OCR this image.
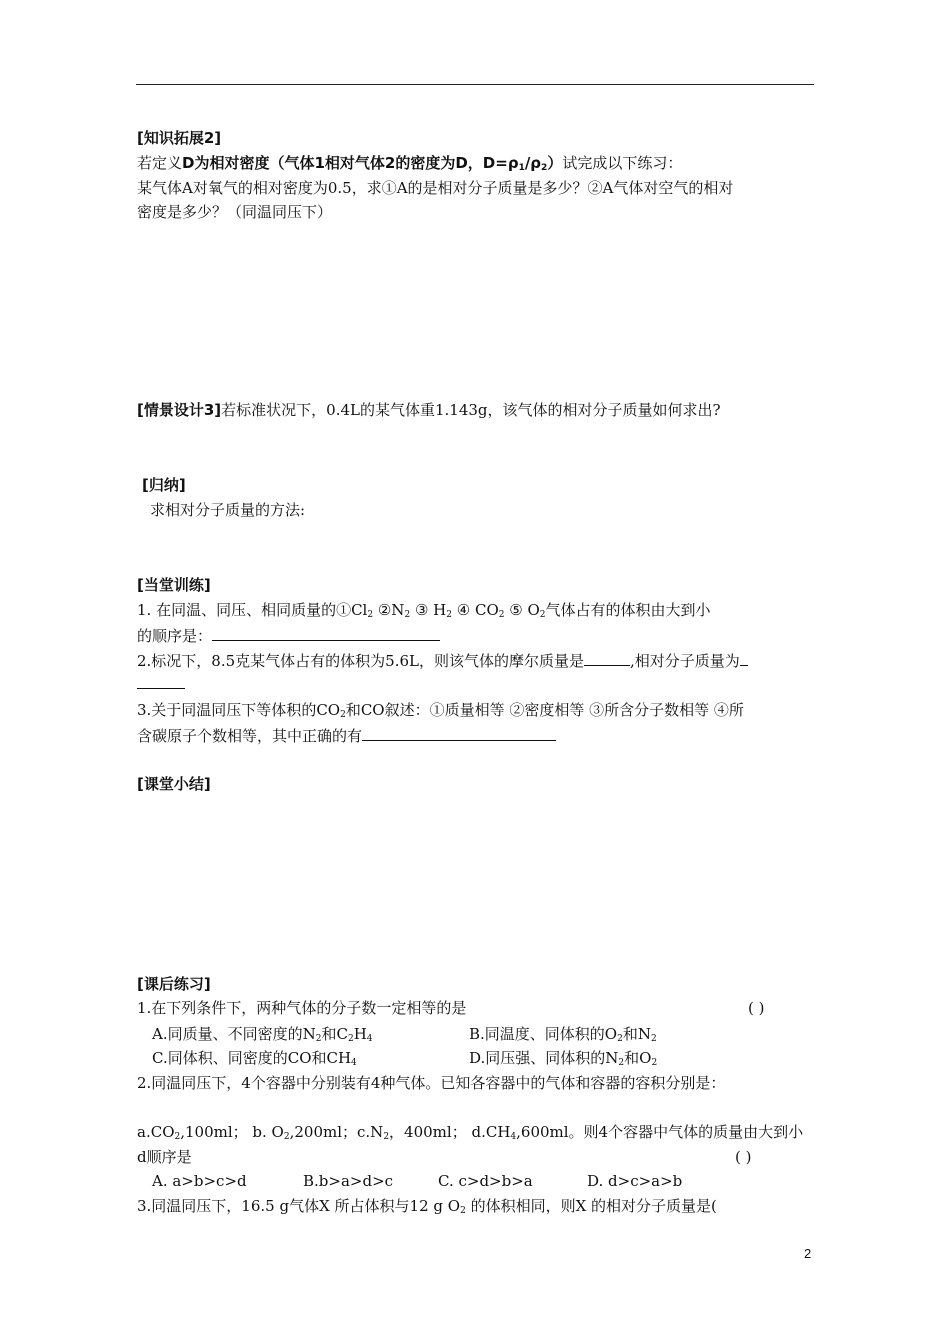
[知识拓展2]
若定义D为相对密度（气体1相对气体2的密度为D，$D=\rho_1/\rho_2$）试完成以下练习：
某气体A对氧气的相对密度为0.5，求①A的是相对分子质量是多少？②A气体对空气的相对
密度是多少？（同温同压下）
[情景设计3]若标准状况下，0.4L的某气体重1.143g，该气体的相对分子质量如何求出?
[归纳]
求相对分子质量的方法:
[当堂训练]
1. 在同温、同压、相同质量的$①Cl_2$ $②N_2$ ③ $H_2$ ④ $CO_2$ ⑤ $O_2$气体占有的体积由大到小
的顺序是：
2.标况下，8.5克某气体占有的体积为5.6L，则该气体的摩尔质量是	,相对分子质量为
3.关于同温同压下等体积的$CO_2$和CO叙述：①质量相等 ②密度相等 ③所含分子数相等 ④所
含碳原子个数相等，其中正确的有
[课堂小结]
[课后练习]
1.在下列条件下，两种气体的分子数一定相等的是	( )
A.同质量、不同密度的$N_2$和$C_2H_4$	B.同温度、同体积的$O_2$和$N_2$
C.同体积、同密度的CO和$CH_4$	D.同压强、同体积的$N_2$和$O_2$
2.同温同压下，4个容器中分别装有4种气体。已知各容器中的气体和容器的容积分别是：
$a.CO_2,100ml$； b. $O_2,200ml$；$c.N_2$，400ml； $d.CH_4,600ml$。则4个容器中气体的质量由大到小
d顺序是	( )
A. a>b>c>d	B.b>a>d>c	C. c>d>b>a	D. d>c>a>b
3.同温同压下，16.5 g气体X 所占体积与12 g $O_2$ 的体积相同，则X 的相对分子质量是(
2
